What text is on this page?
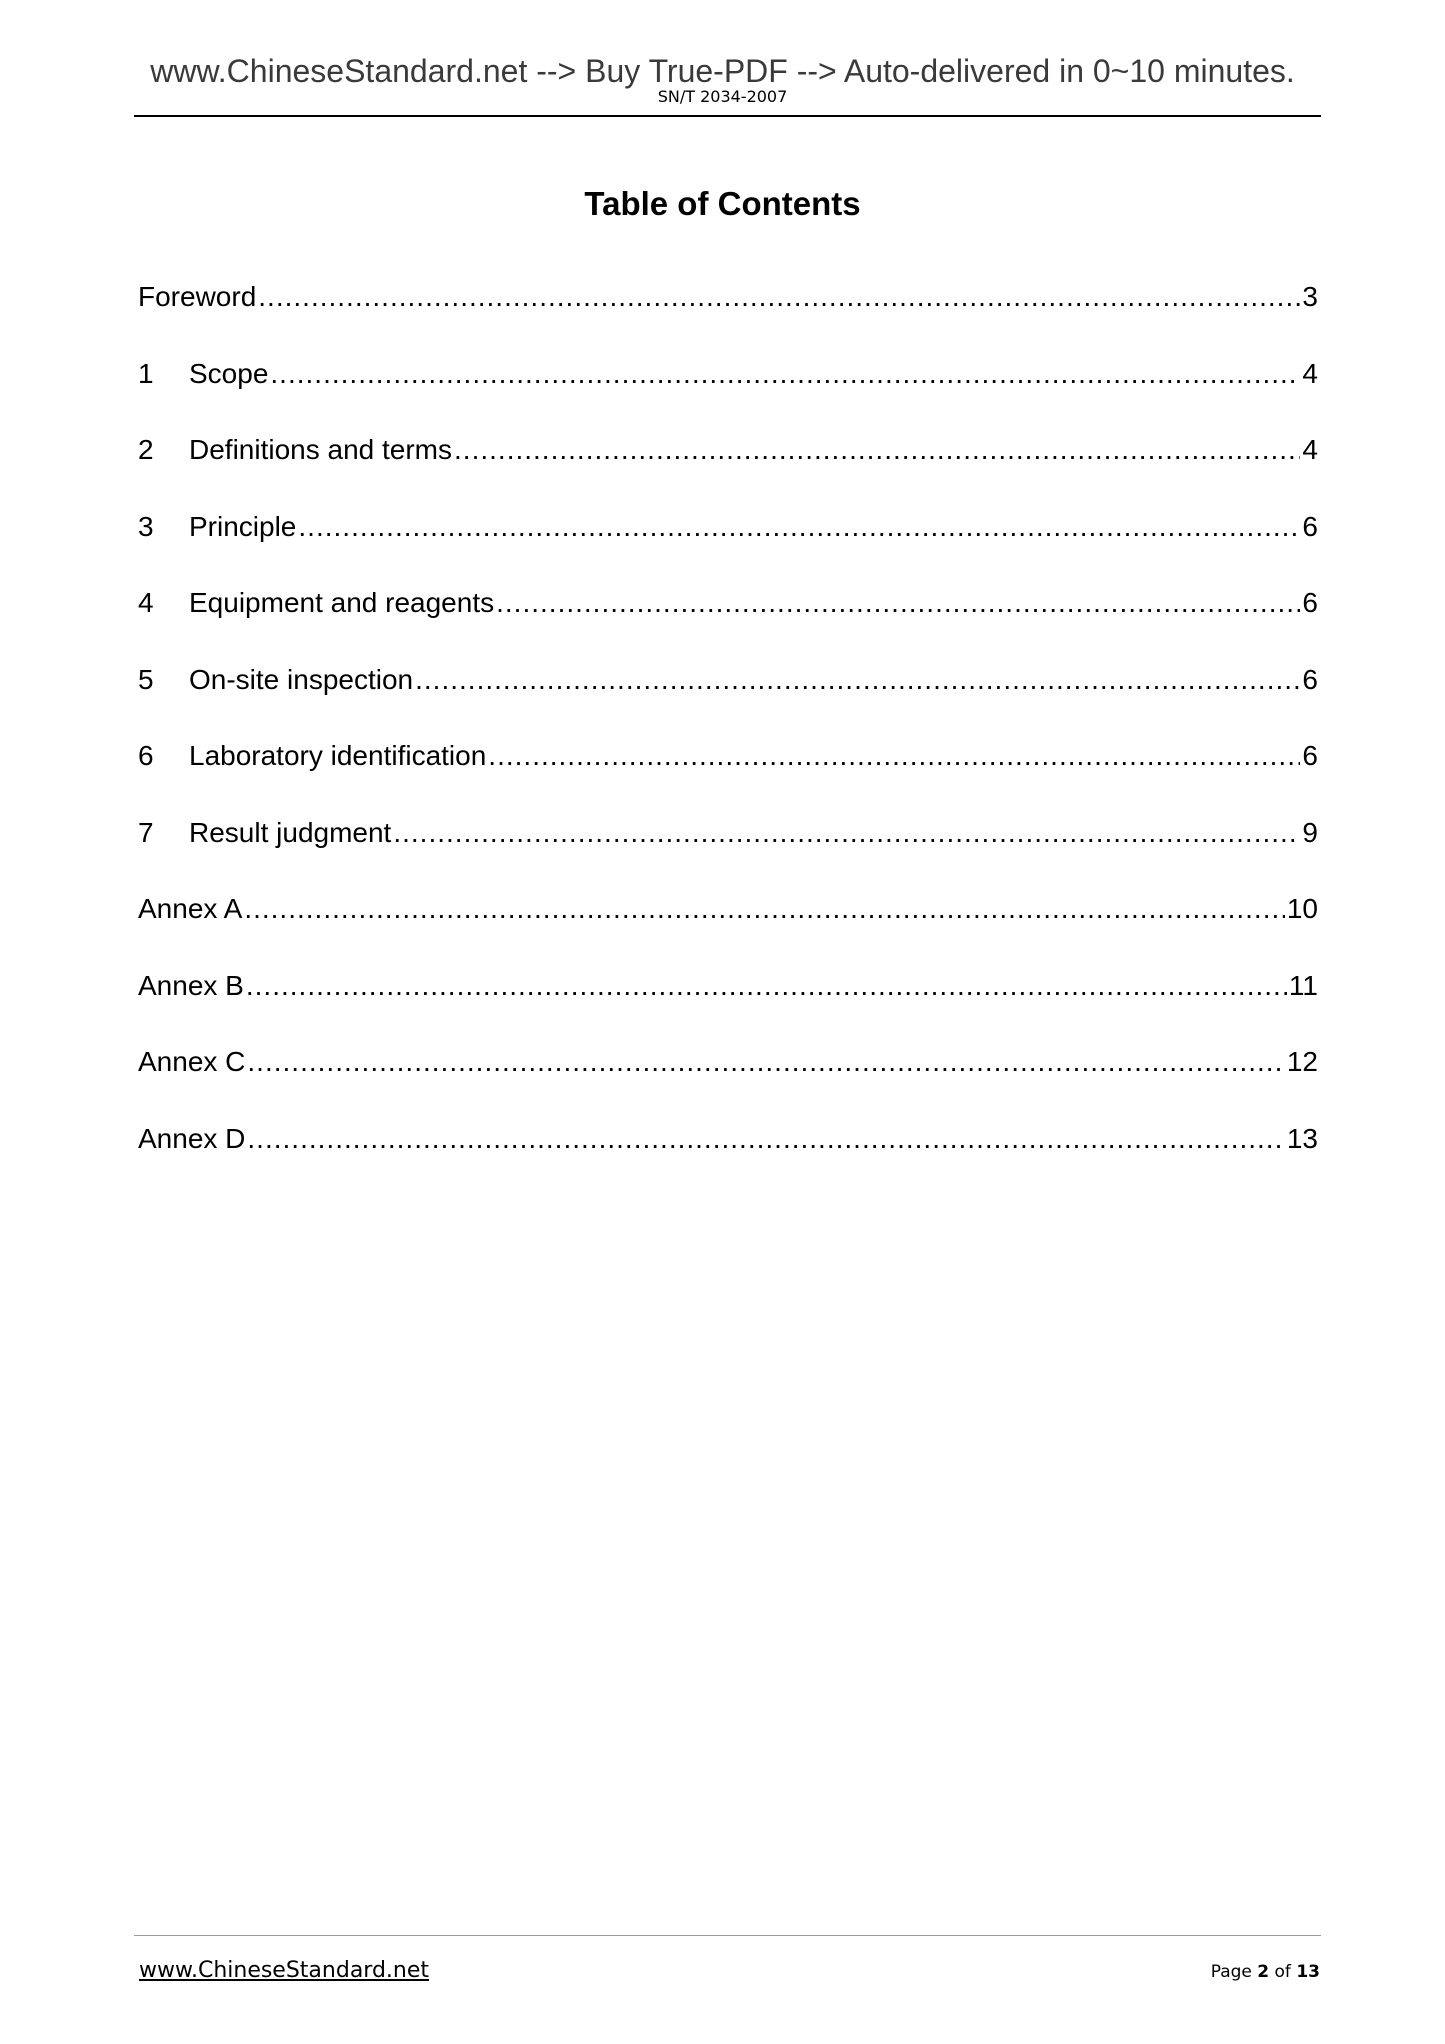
www.ChineseStandard.net --> Buy True-PDF --> Auto-delivered in 0~10 minutes.
SN/T 2034-2007
Table of Contents
Foreword .....	3
1	Scope .....	4
2	Definitions and terms .....	4
3	Principle .....	6
4	Equipment and reagents .....	6
5	On-site inspection .....	6
6	Laboratory identification .....	6
7	Result judgment .....	9
Annex A .....	10
Annex B .....	11
Annex C .....	12
Annex D .....	13
www.ChineseStandard.net	Page 2 of 13
